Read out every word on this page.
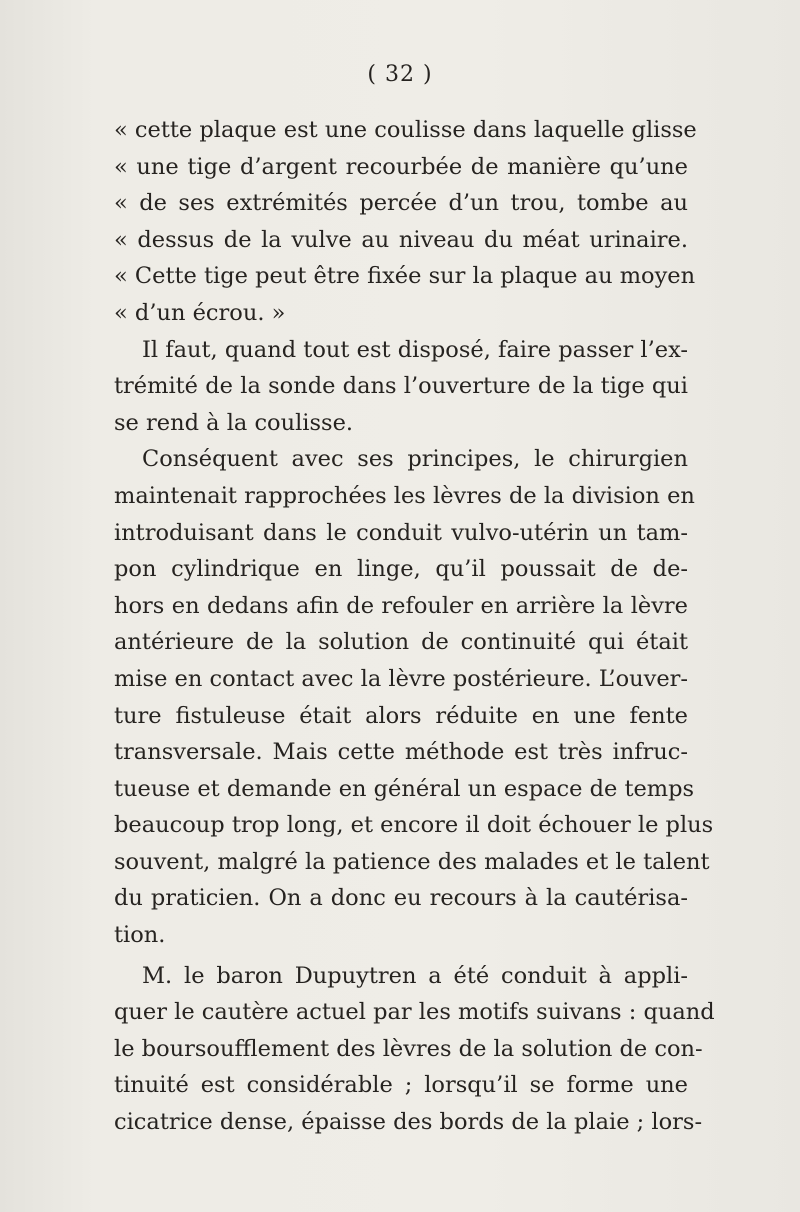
( 32 )
« cette plaque est une coulisse dans laquelle glisse
« une tige d’argent recourbée de manière qu’une
« de ses extrémités percée d’un trou, tombe au
« dessus de la vulve au niveau du méat urinaire.
« Cette tige peut être fixée sur la plaque au moyen
« d’un écrou. »
Il faut, quand tout est disposé, faire passer l’ex-
trémité de la sonde dans l’ouverture de la tige qui
se rend à la coulisse.
Conséquent avec ses principes, le chirurgien
maintenait rapprochées les lèvres de la division en
introduisant dans le conduit vulvo-utérin un tam-
pon cylindrique en linge, qu’il poussait de de-
hors en dedans afin de refouler en arrière la lèvre
antérieure de la solution de continuité qui était
mise en contact avec la lèvre postérieure. L’ouver-
ture fistuleuse était alors réduite en une fente
transversale. Mais cette méthode est très infruc-
tueuse et demande en général un espace de temps
beaucoup trop long, et encore il doit échouer le plus
souvent, malgré la patience des malades et le talent
du praticien. On a donc eu recours à la cautérisa-
tion.
M. le baron Dupuytren a été conduit à appli-
quer le cautère actuel par les motifs suivans : quand
le boursoufflement des lèvres de la solution de con-
tinuité est considérable ; lorsqu’il se forme une
cicatrice dense, épaisse des bords de la plaie ; lors-
